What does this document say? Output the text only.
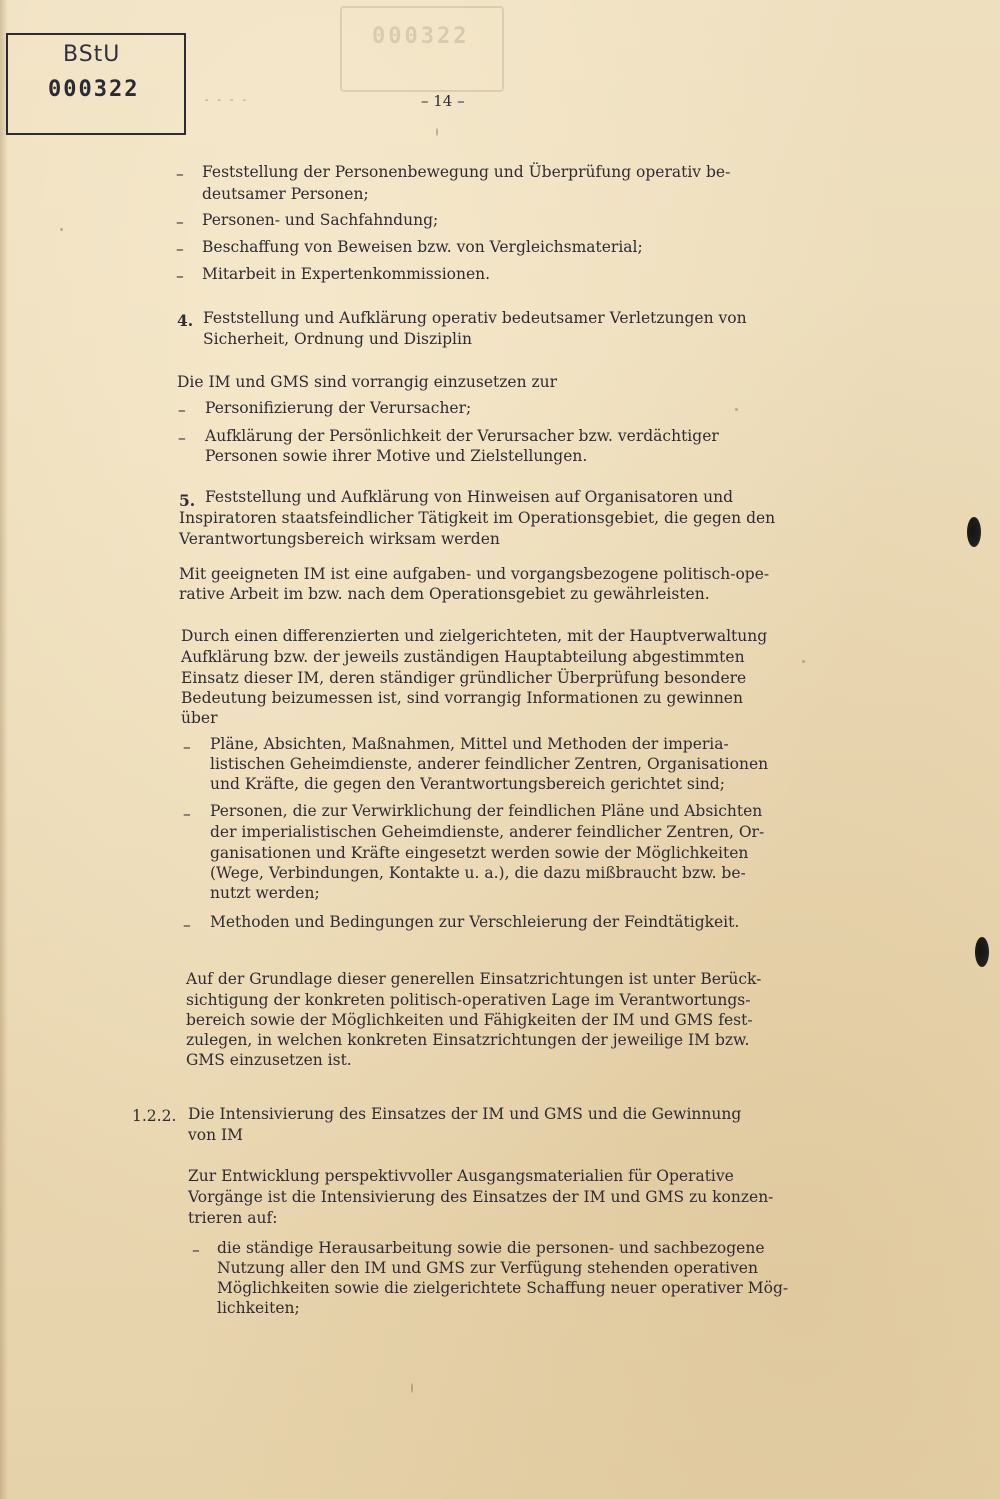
000322
BStU
000322	- - - -	– 14 –
– Feststellung der Personenbewegung und Überprüfung operativ be-
deutsamer Personen;
– Personen- und Sachfahndung;
– Beschaffung von Beweisen bzw. von Vergleichsmaterial;
– Mitarbeit in Expertenkommissionen.
4. Feststellung und Aufklärung operativ bedeutsamer Verletzungen von
Sicherheit, Ordnung und Disziplin
Die IM und GMS sind vorrangig einzusetzen zur
– Personifizierung der Verursacher;
– Aufklärung der Persönlichkeit der Verursacher bzw. verdächtiger
Personen sowie ihrer Motive und Zielstellungen.
5. Feststellung und Aufklärung von Hinweisen auf Organisatoren und
Inspiratoren staatsfeindlicher Tätigkeit im Operationsgebiet, die gegen den
Verantwortungsbereich wirksam werden
Mit geeigneten IM ist eine aufgaben- und vorgangsbezogene politisch-ope-
rative Arbeit im bzw. nach dem Operationsgebiet zu gewährleisten.
Durch einen differenzierten und zielgerichteten, mit der Hauptverwaltung
Aufklärung bzw. der jeweils zuständigen Hauptabteilung abgestimmten
Einsatz dieser IM, deren ständiger gründlicher Überprüfung besondere
Bedeutung beizumessen ist, sind vorrangig Informationen zu gewinnen
über
– Pläne, Absichten, Maßnahmen, Mittel und Methoden der imperia-
listischen Geheimdienste, anderer feindlicher Zentren, Organisationen
und Kräfte, die gegen den Verantwortungsbereich gerichtet sind;
– Personen, die zur Verwirklichung der feindlichen Pläne und Absichten
der imperialistischen Geheimdienste, anderer feindlicher Zentren, Or-
ganisationen und Kräfte eingesetzt werden sowie der Möglichkeiten
(Wege, Verbindungen, Kontakte u. a.), die dazu mißbraucht bzw. be-
nutzt werden;
– Methoden und Bedingungen zur Verschleierung der Feindtätigkeit.
Auf der Grundlage dieser generellen Einsatzrichtungen ist unter Berück-
sichtigung der konkreten politisch-operativen Lage im Verantwortungs-
bereich sowie der Möglichkeiten und Fähigkeiten der IM und GMS fest-
zulegen, in welchen konkreten Einsatzrichtungen der jeweilige IM bzw.
GMS einzusetzen ist.
1.2.2. Die Intensivierung des Einsatzes der IM und GMS und die Gewinnung
von IM
Zur Entwicklung perspektivvoller Ausgangsmaterialien für Operative
Vorgänge ist die Intensivierung des Einsatzes der IM und GMS zu konzen-
trieren auf:
– die ständige Herausarbeitung sowie die personen- und sachbezogene
Nutzung aller den IM und GMS zur Verfügung stehenden operativen
Möglichkeiten sowie die zielgerichtete Schaffung neuer operativer Mög-
lichkeiten;
